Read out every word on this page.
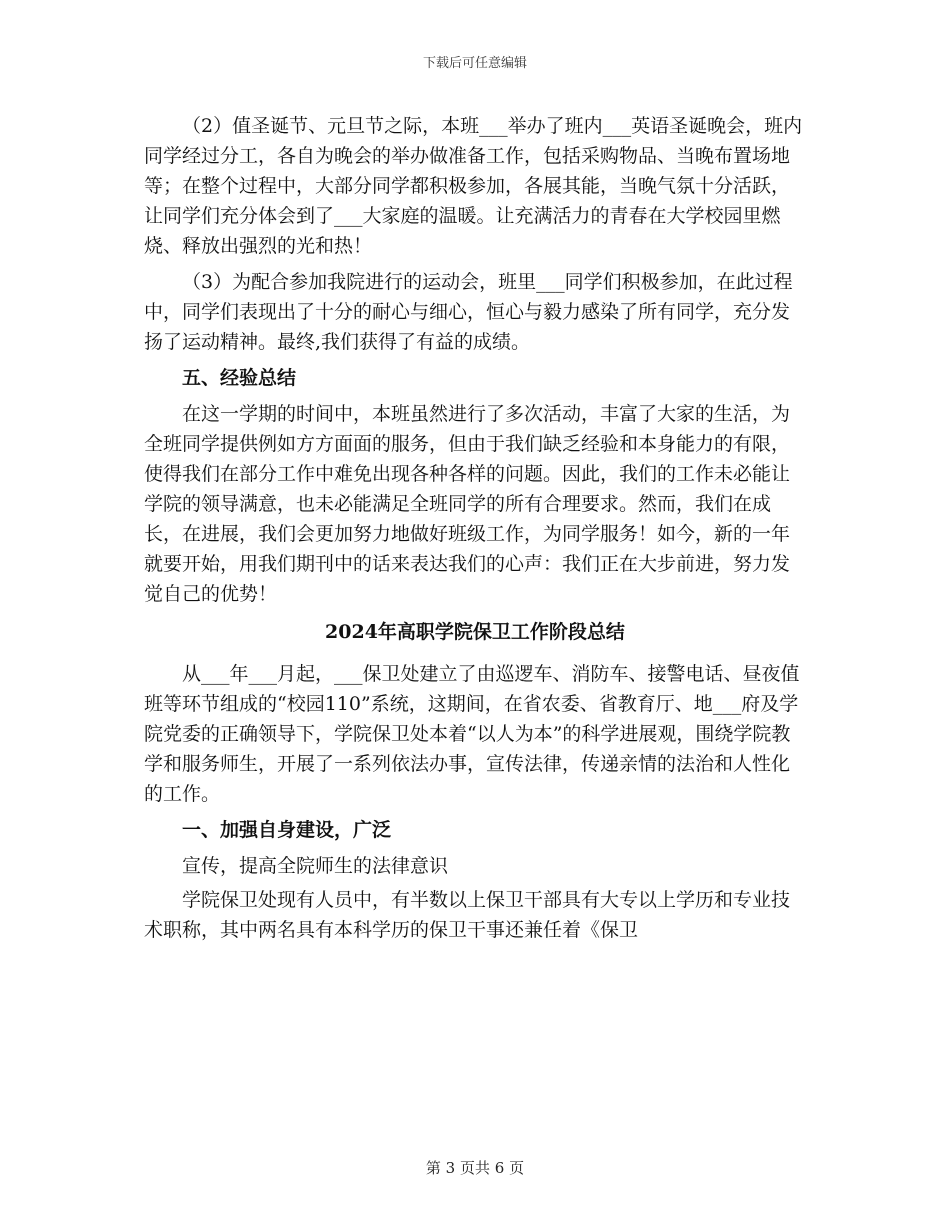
下载后可任意编辑

（2）值圣诞节、元旦节之际，本班___举办了班内___英语圣诞晚会，班内同学经过分工，各自为晚会的举办做准备工作，包括采购物品、当晚布置场地等；在整个过程中，大部分同学都积极参加，各展其能，当晚气氛十分活跃，让同学们充分体会到了___大家庭的温暖。让充满活力的青春在大学校园里燃烧、释放出强烈的光和热！

（3）为配合参加我院进行的运动会，班里___同学们积极参加，在此过程中，同学们表现出了十分的耐心与细心，恒心与毅力感染了所有同学，充分发扬了运动精神。最终,我们获得了有益的成绩。

五、经验总结

在这一学期的时间中，本班虽然进行了多次活动，丰富了大家的生活，为全班同学提供例如方方面面的服务，但由于我们缺乏经验和本身能力的有限，使得我们在部分工作中难免出现各种各样的问题。因此，我们的工作未必能让学院的领导满意，也未必能满足全班同学的所有合理要求。然而，我们在成长，在进展，我们会更加努力地做好班级工作，为同学服务！如今，新的一年就要开始，用我们期刊中的话来表达我们的心声：我们正在大步前进，努力发觉自己的优势！

2024年高职学院保卫工作阶段总结

从___年___月起，___保卫处建立了由巡逻车、消防车、接警电话、昼夜值班等环节组成的“校园110”系统，这期间，在省农委、省教育厅、地___府及学院党委的正确领导下，学院保卫处本着“以人为本”的科学进展观，围绕学院教学和服务师生，开展了一系列依法办事，宣传法律，传递亲情的法治和人性化的工作。

一、加强自身建设，广泛

宣传，提高全院师生的法律意识

学院保卫处现有人员中，有半数以上保卫干部具有大专以上学历和专业技术职称，其中两名具有本科学历的保卫干事还兼任着《保卫

第 3 页共 6 页
